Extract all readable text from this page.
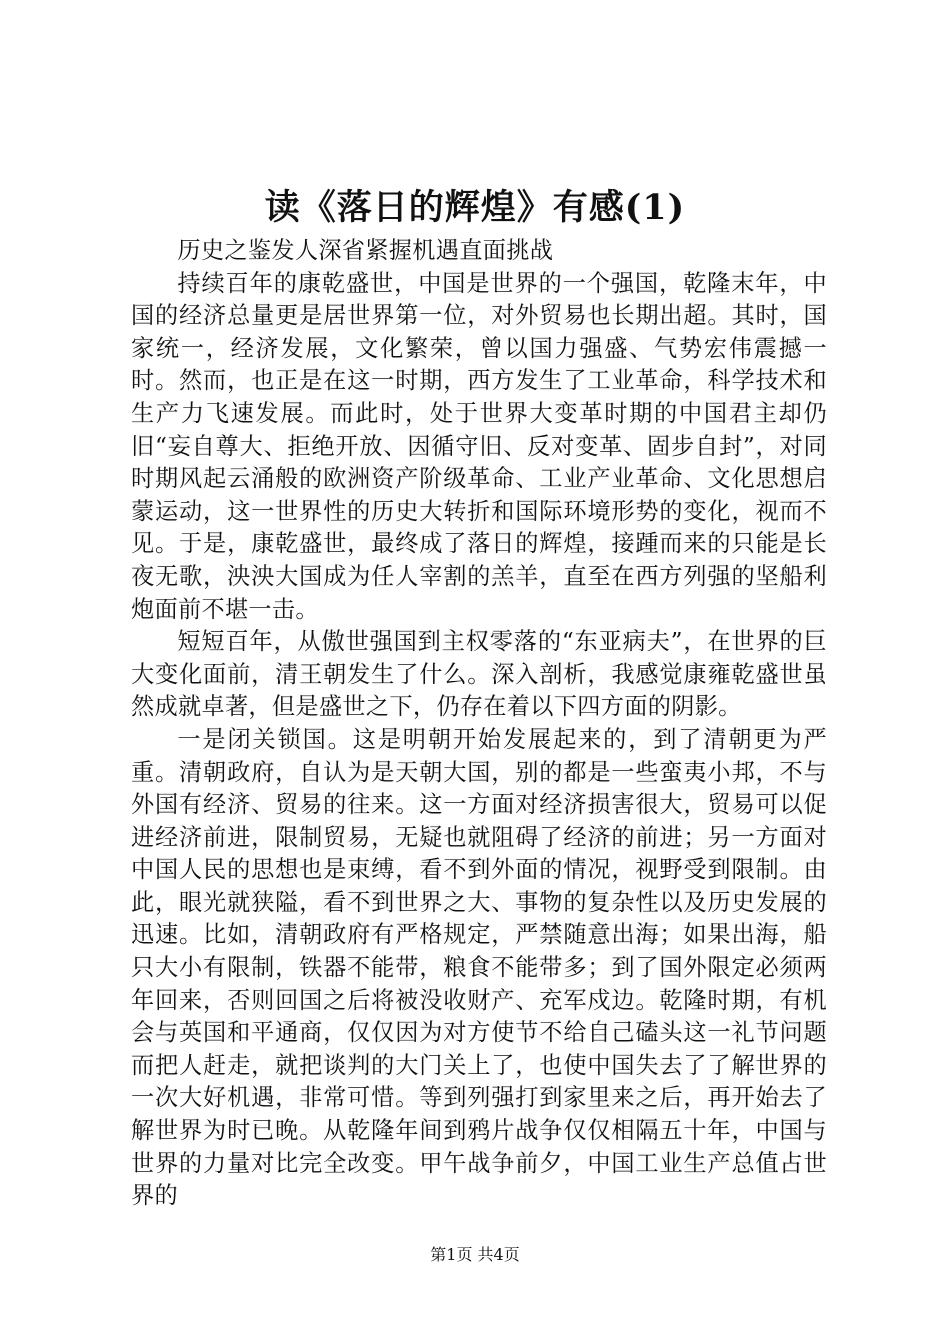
读《落日的辉煌》有感(1)

历史之鉴发人深省紧握机遇直面挑战

持续百年的康乾盛世，中国是世界的一个强国，乾隆末年，中国的经济总量更是居世界第一位，对外贸易也长期出超。其时，国家统一，经济发展，文化繁荣，曾以国力强盛、气势宏伟震撼一时。然而，也正是在这一时期，西方发生了工业革命，科学技术和生产力飞速发展。而此时，处于世界大变革时期的中国君主却仍旧“妄自尊大、拒绝开放、因循守旧、反对变革、固步自封”，对同时期风起云涌般的欧洲资产阶级革命、工业产业革命、文化思想启蒙运动，这一世界性的历史大转折和国际环境形势的变化，视而不见。于是，康乾盛世，最终成了落日的辉煌，接踵而来的只能是长夜无歌，泱泱大国成为任人宰割的羔羊，直至在西方列强的坚船利炮面前不堪一击。

短短百年，从傲世强国到主权零落的“东亚病夫”，在世界的巨大变化面前，清王朝发生了什么。深入剖析，我感觉康雍乾盛世虽然成就卓著，但是盛世之下，仍存在着以下四方面的阴影。

一是闭关锁国。这是明朝开始发展起来的，到了清朝更为严重。清朝政府，自认为是天朝大国，别的都是一些蛮夷小邦，不与外国有经济、贸易的往来。这一方面对经济损害很大，贸易可以促进经济前进，限制贸易，无疑也就阻碍了经济的前进；另一方面对中国人民的思想也是束缚，看不到外面的情况，视野受到限制。由此，眼光就狭隘，看不到世界之大、事物的复杂性以及历史发展的迅速。比如，清朝政府有严格规定，严禁随意出海；如果出海，船只大小有限制，铁器不能带，粮食不能带多；到了国外限定必须两年回来，否则回国之后将被没收财产、充军戍边。乾隆时期，有机会与英国和平通商，仅仅因为对方使节不给自己磕头这一礼节问题而把人赶走，就把谈判的大门关上了，也使中国失去了了解世界的一次大好机遇，非常可惜。等到列强打到家里来之后，再开始去了解世界为时已晚。从乾隆年间到鸦片战争仅仅相隔五十年，中国与世界的力量对比完全改变。甲午战争前夕，中国工业生产总值占世界的

第1页 共4页
